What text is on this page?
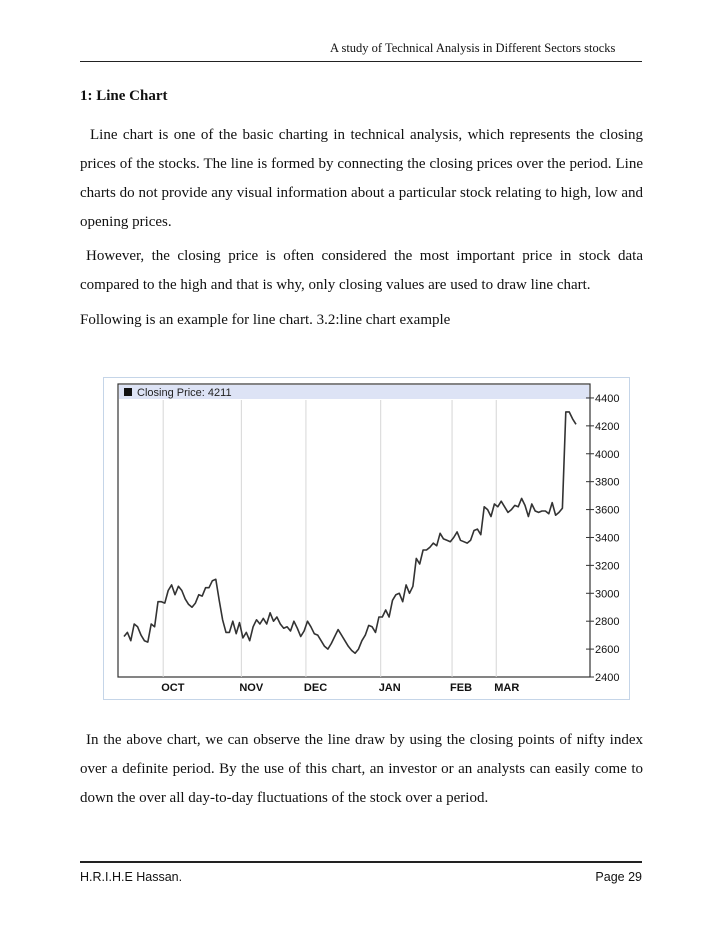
A study of Technical Analysis in Different Sectors stocks
1: Line Chart
Line chart is one of the basic charting in technical analysis, which represents the closing prices of the stocks. The line is formed by connecting the closing prices over the period. Line charts do not provide any visual information about a particular stock relating to high, low and opening prices.
However, the closing price is often considered the most important price in stock data compared to the high and that is why, only closing values are used to draw line chart.
Following is an example for line chart. 3.2:line chart example
Closing Price: 4211	4400
4200
4000
3800
3600
3400
3200
3000
2800
2600
2400
OCT	NOV	DEC	JAN	FEB MAR
In the above chart, we can observe the line draw by using the closing points of nifty index over a definite period. By the use of this chart, an investor or an analysts can easily come to down the over all day-to-day fluctuations of the stock over a period.
H.R.I.H.E Hassan.	Page 29
